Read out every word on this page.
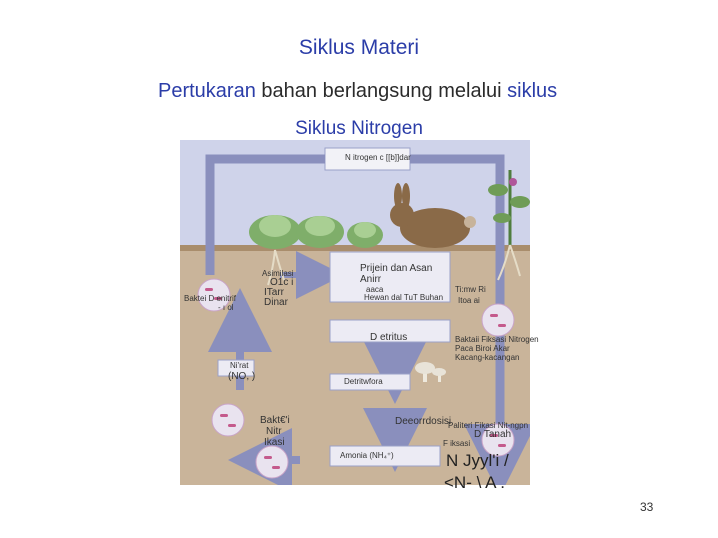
Siklus Materi
Pertukaran bahan berlangsung melalui siklus
Siklus Nitrogen
N itrogen c [[b]]dar
Asimilasi
O1c i
ITarr
Dinar
Baktei D enitrif
- ı ol
Prijein dan Asan
Anirr
aaca
Hewan dal TuT Buhan
Ti:mw Ri
Itoa ai
D etritus
Ni'rat
(NO, )
Baktaii Fiksasi Nitrogen
Paca Biroi Akar
Kacang-kacangan
Bakt€'i
Nitr
Ikasi
Detritwfora
Deeorrdosisi
Paliteri Fikasi Nit-ngpn
D Tanah
F iksasi
Amonia (NH₄⁺)	N Jyyl'i /
<N- \ A .
33
